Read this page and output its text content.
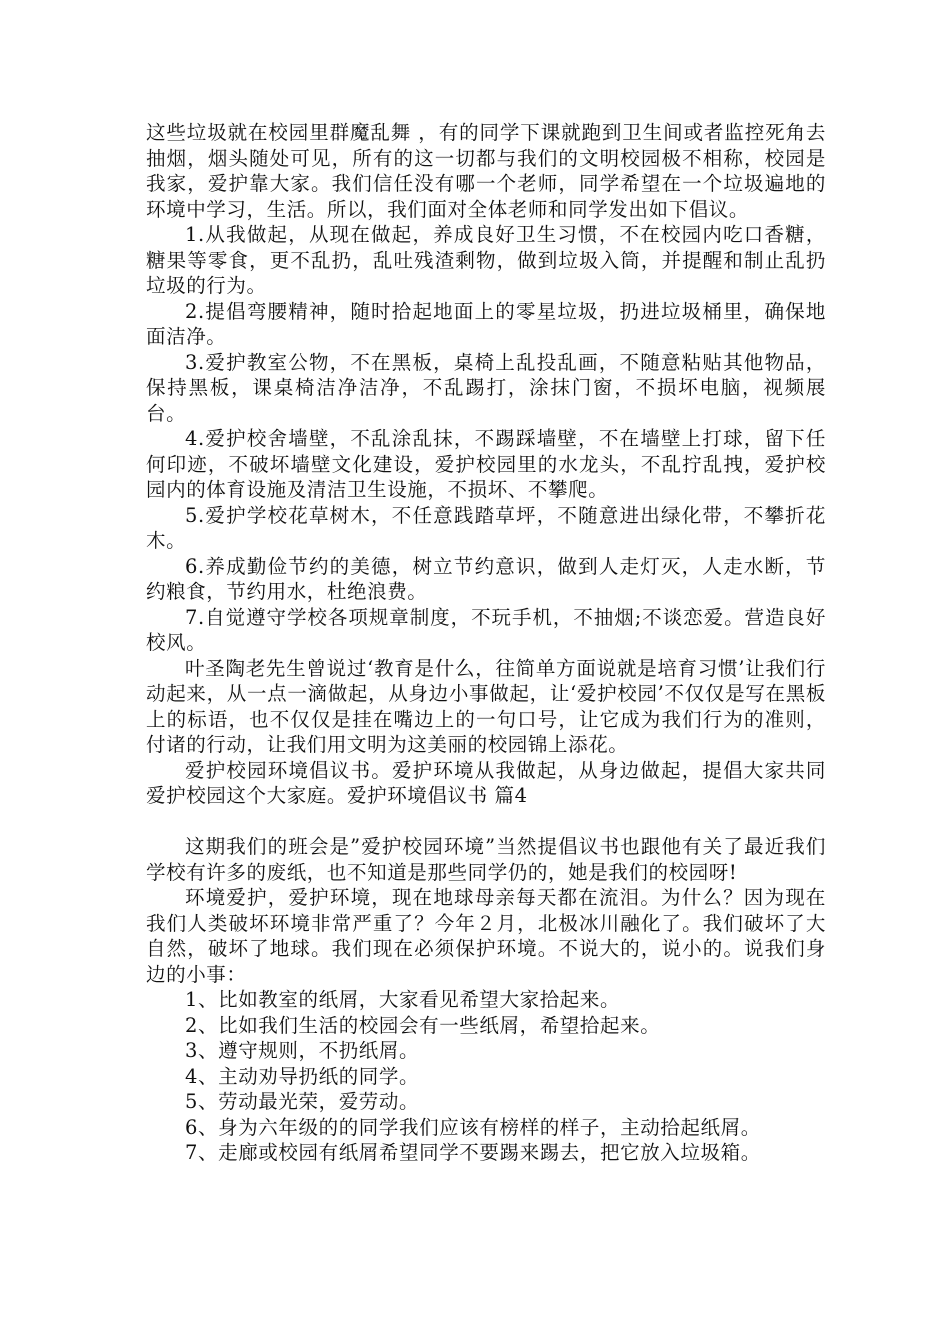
这些垃圾就在校园里群魔乱舞 ，有的同学下课就跑到卫生间或者监控死角去抽烟，烟头随处可见，所有的这一切都与我们的文明校园极不相称，校园是我家，爱护靠大家。我们信任没有哪一个老师，同学希望在一个垃圾遍地的环境中学习，生活。所以，我们面对全体老师和同学发出如下倡议。

1.从我做起，从现在做起，养成良好卫生习惯，不在校园内吃口香糖，糖果等零食，更不乱扔，乱吐残渣剩物，做到垃圾入筒，并提醒和制止乱扔垃圾的行为。

2.提倡弯腰精神，随时拾起地面上的零星垃圾，扔进垃圾桶里，确保地面洁净。

3.爱护教室公物，不在黑板，桌椅上乱投乱画，不随意粘贴其他物品，保持黑板，课桌椅洁净洁净，不乱踢打，涂抹门窗，不损坏电脑，视频展台。

4.爱护校舍墙壁，不乱涂乱抹，不踢踩墙壁，不在墙壁上打球，留下任何印迹，不破坏墙壁文化建设，爱护校园里的水龙头，不乱拧乱拽，爱护校园内的体育设施及清洁卫生设施，不损坏、不攀爬。

5.爱护学校花草树木，不任意践踏草坪，不随意进出绿化带，不攀折花木。

6.养成勤俭节约的美德，树立节约意识，做到人走灯灭，人走水断，节约粮食，节约用水，杜绝浪费。

7.自觉遵守学校各项规章制度，不玩手机，不抽烟;不谈恋爱。营造良好校风。

叶圣陶老先生曾说过‘教育是什么，往简单方面说就是培育习惯’让我们行动起来，从一点一滴做起，从身边小事做起，让‘爱护校园’不仅仅是写在黑板上的标语，也不仅仅是挂在嘴边上的一句口号，让它成为我们行为的准则，付诸的行动，让我们用文明为这美丽的校园锦上添花。

爱护校园环境倡议书。爱护环境从我做起，从身边做起，提倡大家共同爱护校园这个大家庭。爱护环境倡议书 篇4

这期我们的班会是”爱护校园环境”当然提倡议书也跟他有关了最近我们学校有许多的废纸，也不知道是那些同学仍的，她是我们的校园呀!

环境爱护，爱护环境，现在地球母亲每天都在流泪。为什么？因为现在我们人类破坏环境非常严重了？今年２月，北极冰川融化了。我们破坏了大自然，破坏了地球。我们现在必须保护环境。不说大的，说小的。说我们身边的小事：

1、比如教室的纸屑，大家看见希望大家拾起来。

2、比如我们生活的校园会有一些纸屑，希望拾起来。

3、遵守规则，不扔纸屑。

4、主动劝导扔纸的同学。

5、劳动最光荣，爱劳动。

6、身为六年级的的同学我们应该有榜样的样子，主动拾起纸屑。

7、走廊或校园有纸屑希望同学不要踢来踢去，把它放入垃圾箱。
